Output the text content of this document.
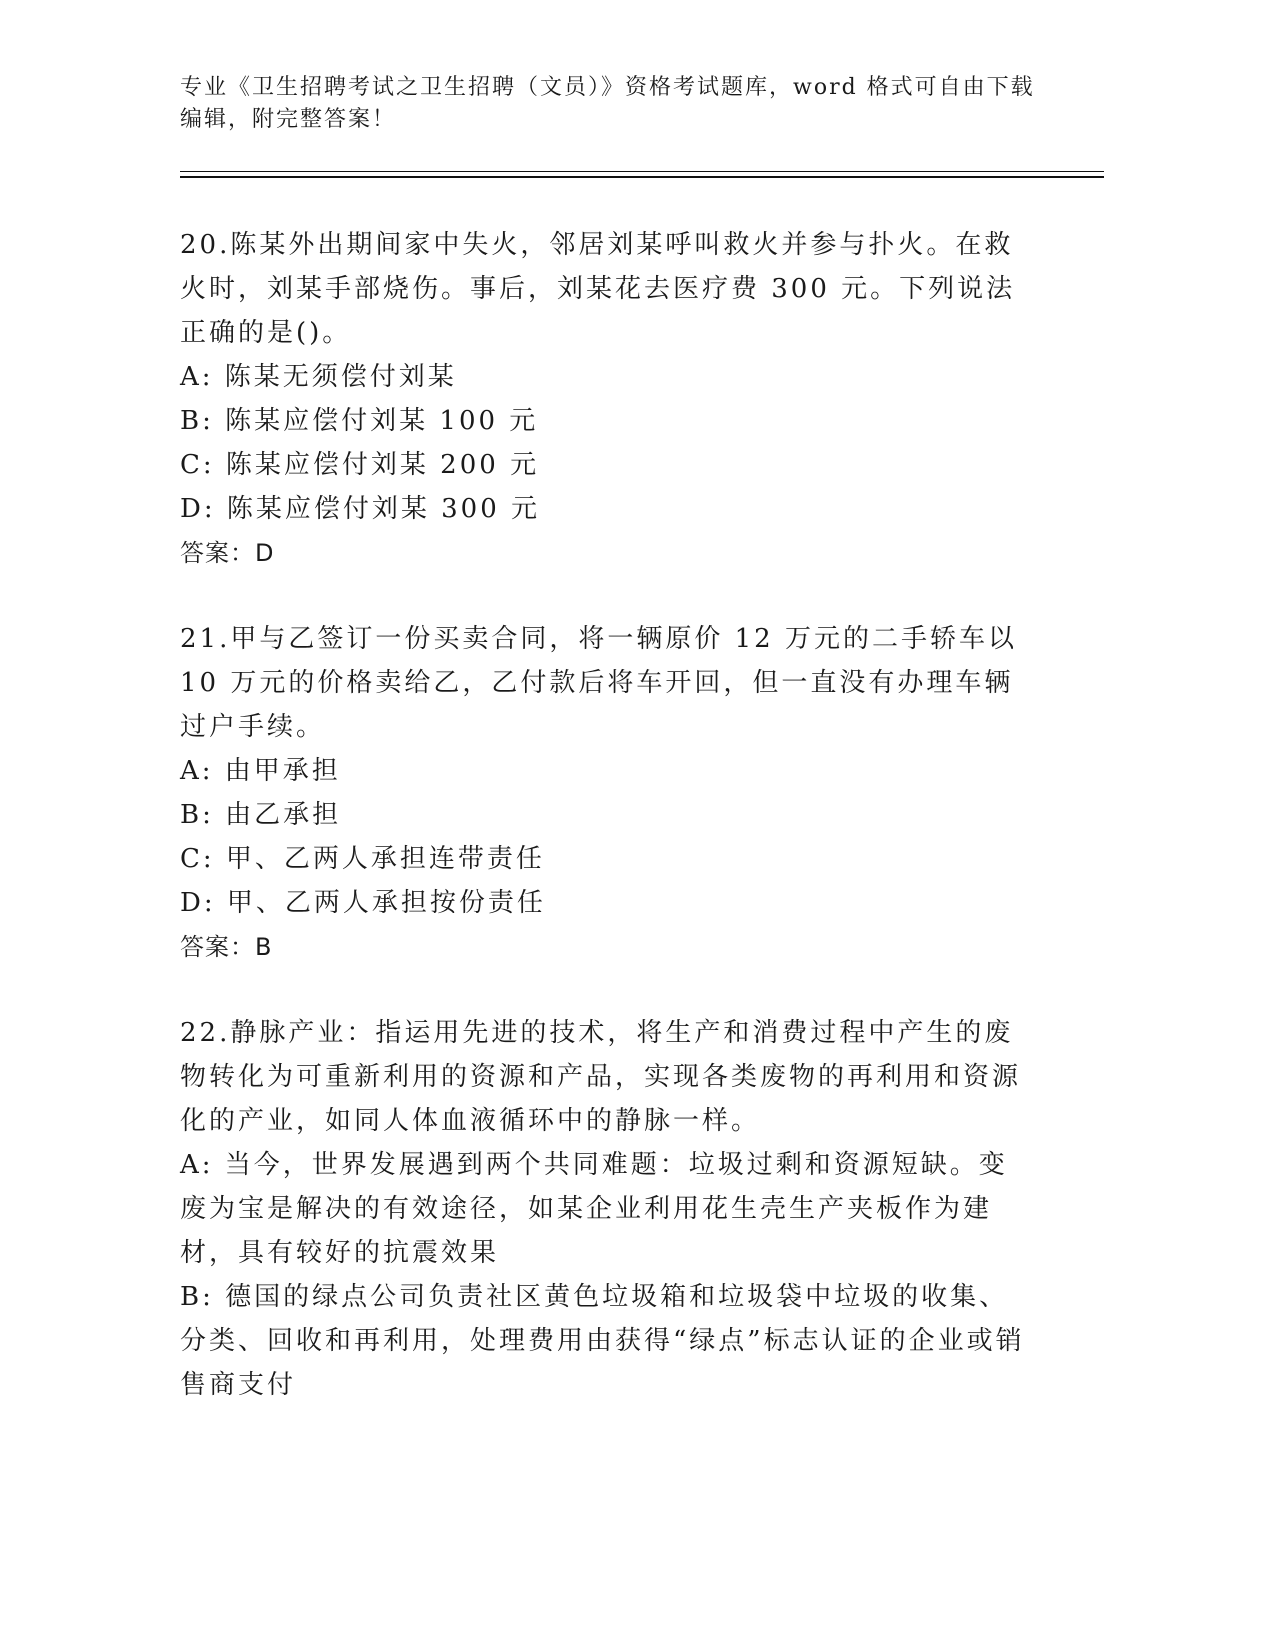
专业《卫生招聘考试之卫生招聘（文员）》资格考试题库，word 格式可自由下载编辑，附完整答案！

20.陈某外出期间家中失火，邻居刘某呼叫救火并参与扑火。在救火时，刘某手部烧伤。事后，刘某花去医疗费 300 元。下列说法正确的是()。

A: 陈某无须偿付刘某

B: 陈某应偿付刘某 100 元

C: 陈某应偿付刘某 200 元

D: 陈某应偿付刘某 300 元

答案：D

21.甲与乙签订一份买卖合同，将一辆原价 12 万元的二手轿车以 10 万元的价格卖给乙，乙付款后将车开回，但一直没有办理车辆过户手续。

A: 由甲承担

B: 由乙承担

C: 甲、乙两人承担连带责任

D: 甲、乙两人承担按份责任

答案：B

22.静脉产业：指运用先进的技术，将生产和消费过程中产生的废物转化为可重新利用的资源和产品，实现各类废物的再利用和资源化的产业，如同人体血液循环中的静脉一样。

A: 当今，世界发展遇到两个共同难题：垃圾过剩和资源短缺。变废为宝是解决的有效途径，如某企业利用花生壳生产夹板作为建材，具有较好的抗震效果

B: 德国的绿点公司负责社区黄色垃圾箱和垃圾袋中垃圾的收集、分类、回收和再利用，处理费用由获得“绿点”标志认证的企业或销售商支付
